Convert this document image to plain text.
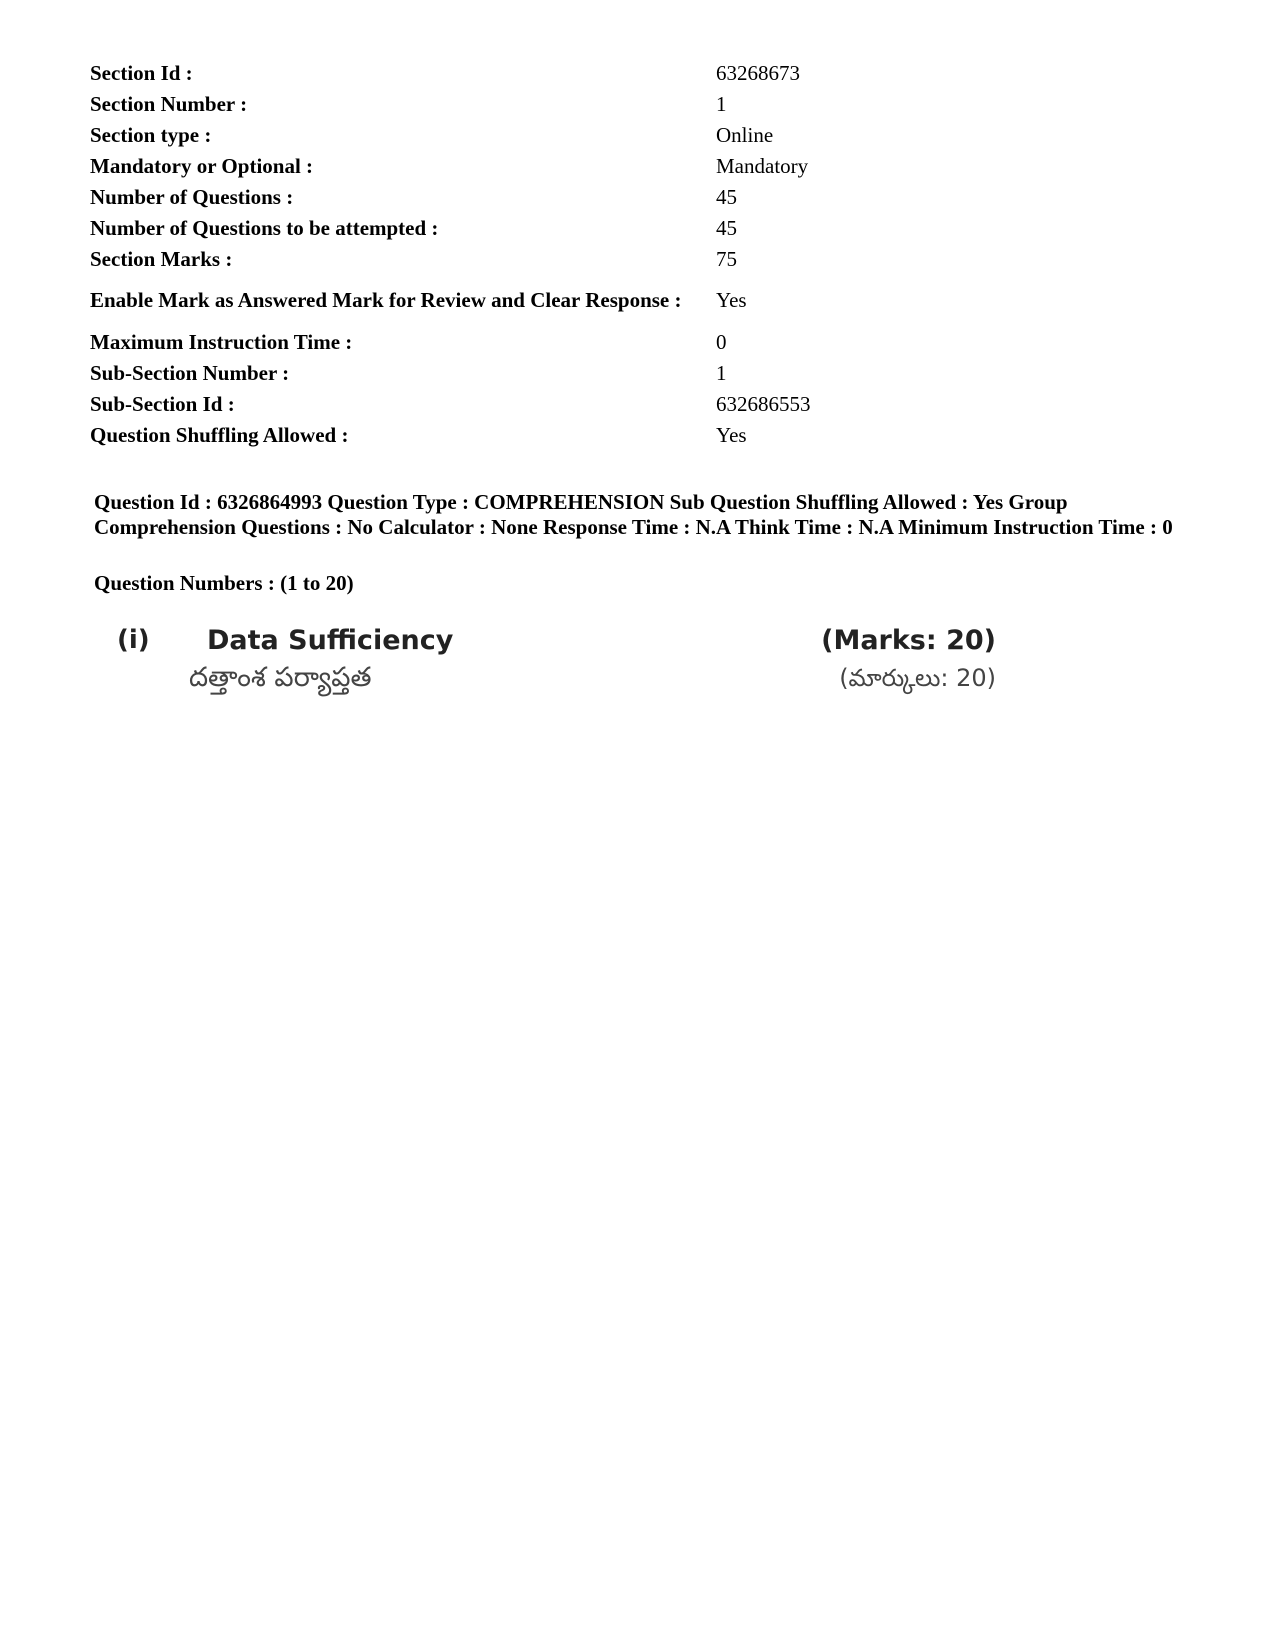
Section Id :	63268673
Section Number :	1
Section type :	Online
Mandatory or Optional :	Mandatory
Number of Questions :	45
Number of Questions to be attempted :	45
Section Marks :	75
Enable Mark as Answered Mark for Review and Clear Response :	Yes
Maximum Instruction Time :	0
Sub-Section Number :	1
Sub-Section Id :	632686553
Question Shuffling Allowed :	Yes
Question Id : 6326864993 Question Type : COMPREHENSION Sub Question Shuffling Allowed : Yes Group Comprehension Questions : No Calculator : None Response Time : N.A Think Time : N.A Minimum Instruction Time : 0
Question Numbers : (1 to 20)
(i) Data Sufficiency
దత్తాంశ పర్యాప్తత
(Marks: 20)
(మార్కులు: 20)
